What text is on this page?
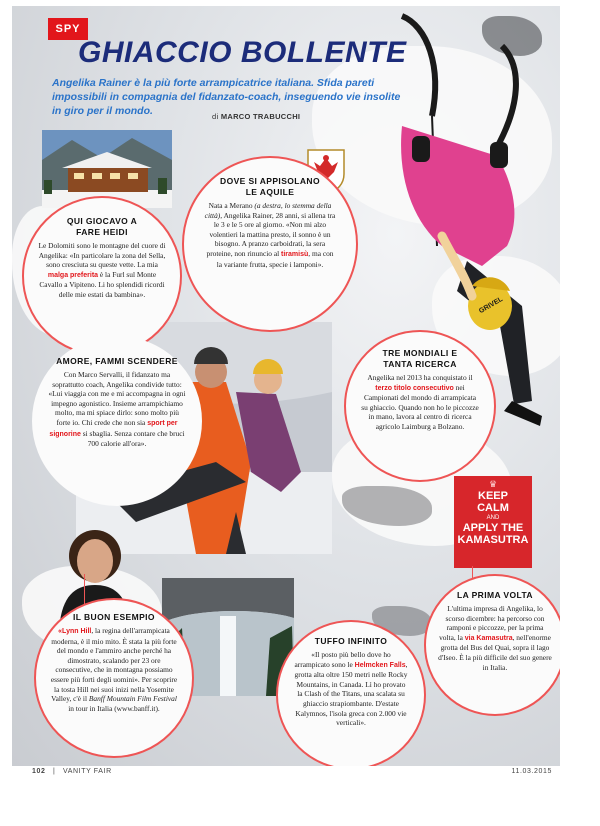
SPY
GHIACCIO BOLLENTE
Angelika Rainer è la più forte arrampicatrice italiana. Sfida pareti impossibili in compagnia del fidanzato-coach, inseguendo vie insolite in giro per il mondo.	di MARCO TRABUCCHI
GRIVEL
♛
KEEP
CALM
AND
APPLY THE
KAMASUTRA
QUI GIOCAVO A FARE HEIDI
Le Dolomiti sono le montagne del cuore di Angelika: «In particolare la zona del Sella, sono cresciuta su queste vette. La mia malga preferita è la Furl sul Monte Cavallo a Vipiteno. Li ho splendidi ricordi delle mie estati da bambina».
DOVE SI APPISOLANO LE AQUILE
Nata a Merano (a destra, lo stemma della città), Angelika Rainer, 28 anni, si allena tra le 3 e le 5 ore al giorno. «Non mi alzo volentieri la mattina presto, il sonno è un bisogno. A pranzo carboidrati, la sera proteine, non rinuncio al tiramisù, ma con la variante frutta, specie i lamponi».
AMORE, FAMMI SCENDERE
Con Marco Servalli, il fidanzato ma soprattutto coach, Angelika condivide tutto: «Lui viaggia con me e mi accompagna in ogni impegno agonistico. Insieme arrampichiamo molto, ma mi spiace dirlo: sono molto più forte io. Chi crede che non sia sport per signorine si sbaglia. Senza contare che bruci 700 calorie all'ora».
TRE MONDIALI E TANTA RICERCA
Angelika nel 2013 ha conquistato il terzo titolo consecutivo nei Campionati del mondo di arrampicata su ghiaccio. Quando non ho le piccozze in mano, lavora al centro di ricerca agricolo Laimburg a Bolzano.
IL BUON ESEMPIO
«Lynn Hill, la regina dell'arrampicata moderna, è il mio mito. È stata la più forte del mondo e l'ammiro anche perché ha dimostrato, scalando per 23 ore consecutive, che in montagna possiamo essere più forti degli uomini». Per scoprire la tosta Hill nei suoi inizi nella Yosemite Valley, c'è il Banff Mountain Film Festival in tour in Italia (www.banff.it).
TUFFO INFINITO
«Il posto più bello dove ho arrampicato sono le Helmcken Falls, grotta alta oltre 150 metri nelle Rocky Mountains, in Canada. Lì ho provato la Clash of the Titans, una scalata su ghiaccio strapiombante. D'estate Kalymnos, l'isola greca con 2.000 vie verticali».
LA PRIMA VOLTA
L'ultima impresa di Angelika, lo scorso dicembre: ha percorso con ramponi e piccozze, per la prima volta, la via Kamasutra, nell'enorme grotta del Bus del Quai, sopra il lago d'Iseo. È la più difficile del suo genere in Italia.
102 | VANITY FAIR	11.03.2015
